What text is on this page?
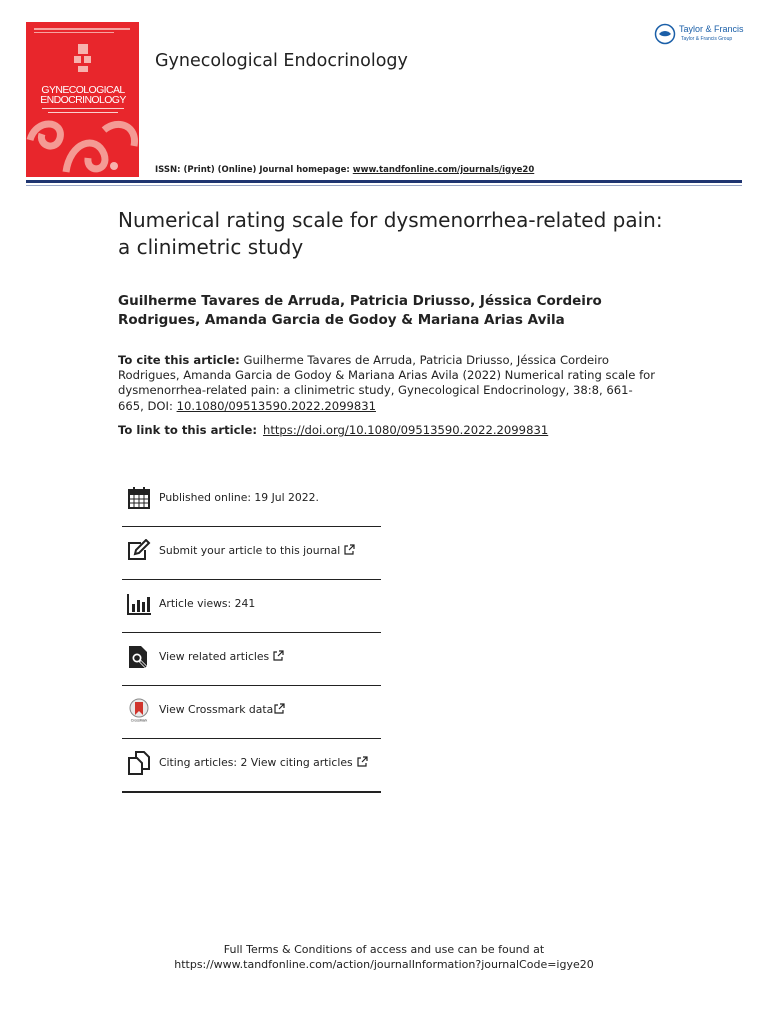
GYNECOLOGICAL
ENDOCRINOLOGY
Gynecological Endocrinology
ISSN: (Print) (Online) Journal homepage: www.tandfonline.com/journals/igye20
Taylor & Francis
Taylor & Francis Group
Numerical rating scale for dysmenorrhea-related pain: a clinimetric study
Guilherme Tavares de Arruda, Patricia Driusso, Jéssica Cordeiro Rodrigues, Amanda Garcia de Godoy & Mariana Arias Avila
To cite this article: Guilherme Tavares de Arruda, Patricia Driusso, Jéssica Cordeiro Rodrigues, Amanda Garcia de Godoy & Mariana Arias Avila (2022) Numerical rating scale for dysmenorrhea-related pain: a clinimetric study, Gynecological Endocrinology, 38:8, 661-665, DOI: 10.1080/09513590.2022.2099831
To link to this article: https://doi.org/10.1080/09513590.2022.2099831
Published online: 19 Jul 2022.
Submit your article to this journal
Article views: 241
View related articles
CrossMark
View Crossmark data
Citing articles: 2 View citing articles
Full Terms & Conditions of access and use can be found at
https://www.tandfonline.com/action/journalInformation?journalCode=igye20
